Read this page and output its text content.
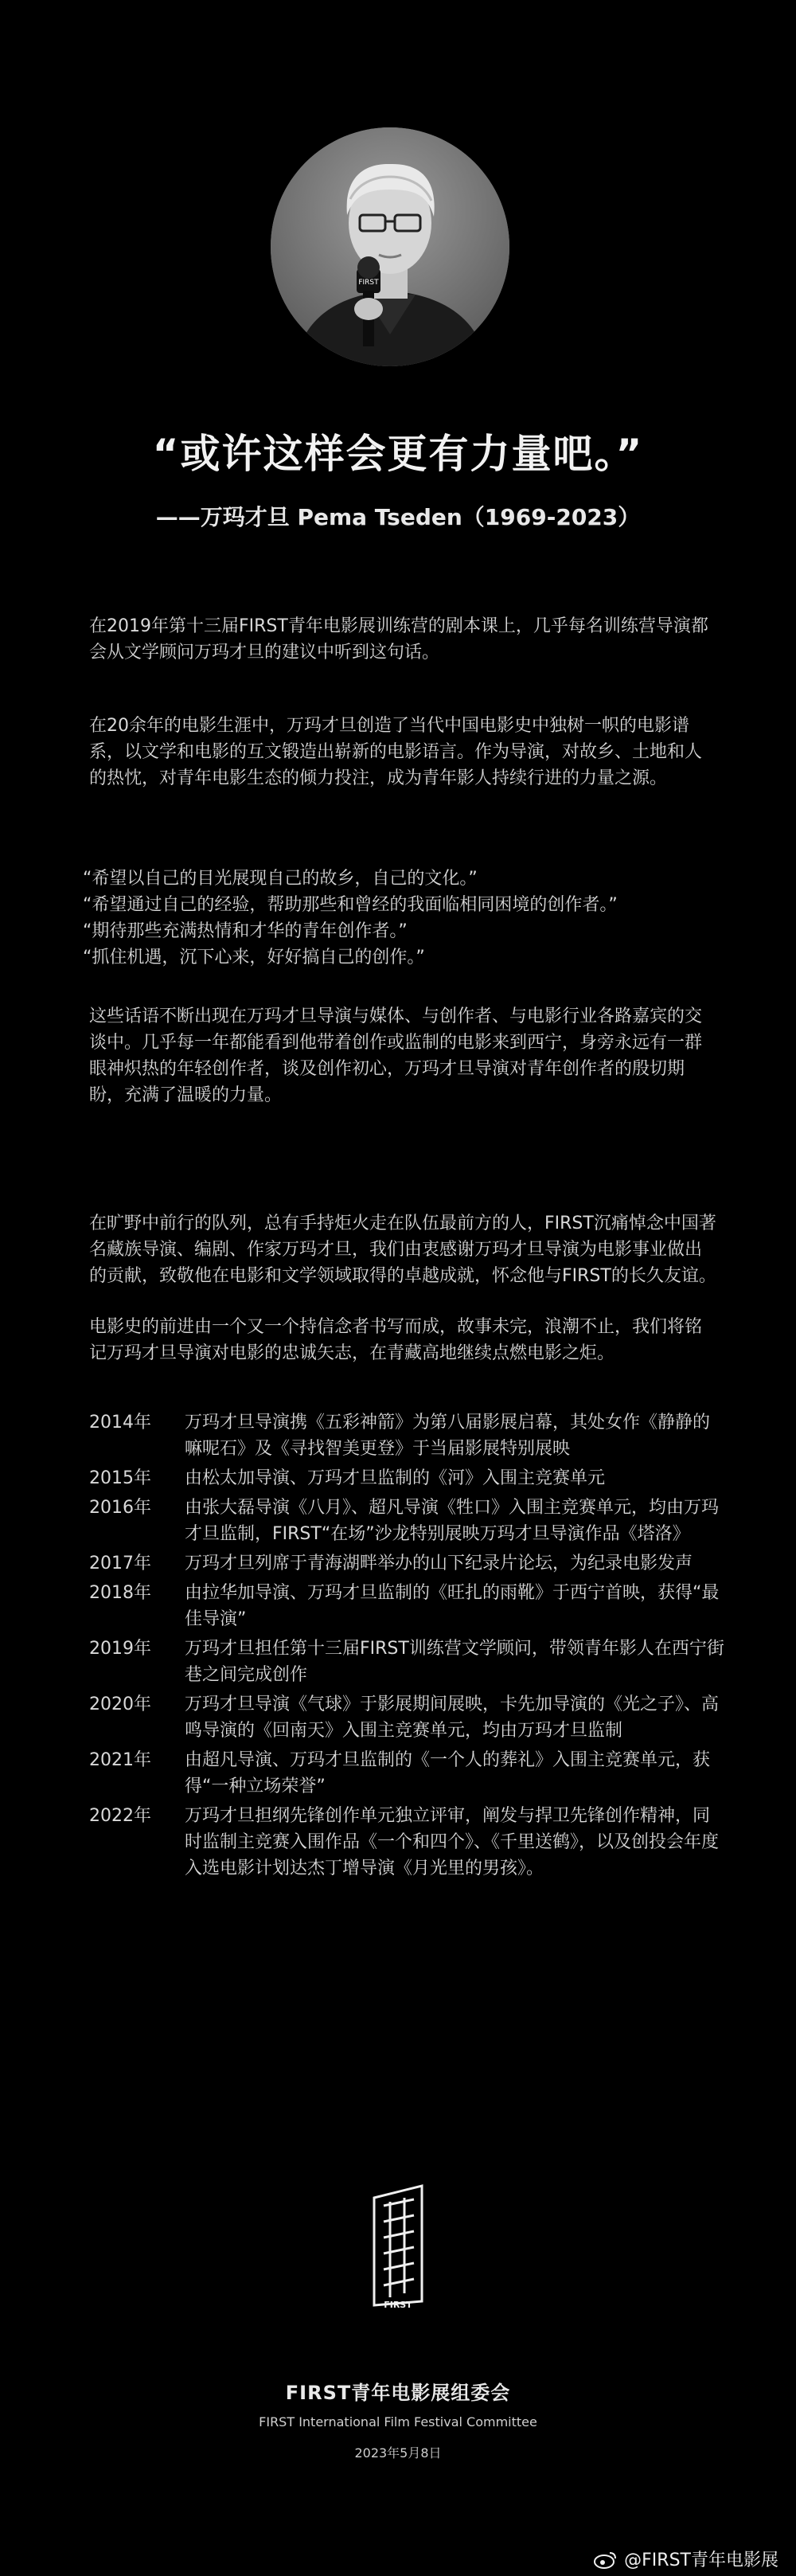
FIRST
“或许这样会更有力量吧。”
——万玛才旦 Pema Tseden（1969-2023）

在2019年第十三届FIRST青年电影展训练营的剧本课上，几乎每名训练营导演都会从文学顾问万玛才旦的建议中听到这句话。

在20余年的电影生涯中，万玛才旦创造了当代中国电影史中独树一帜的电影谱系，以文学和电影的互文锻造出崭新的电影语言。作为导演，对故乡、土地和人的热忱，对青年电影生态的倾力投注，成为青年影人持续行进的力量之源。

“希望以自己的目光展现自己的故乡，自己的文化。”
“希望通过自己的经验，帮助那些和曾经的我面临相同困境的创作者。”
“期待那些充满热情和才华的青年创作者。”
“抓住机遇，沉下心来，好好搞自己的创作。”

这些话语不断出现在万玛才旦导演与媒体、与创作者、与电影行业各路嘉宾的交谈中。几乎每一年都能看到他带着创作或监制的电影来到西宁，身旁永远有一群眼神炽热的年轻创作者，谈及创作初心，万玛才旦导演对青年创作者的殷切期盼，充满了温暖的力量。

在旷野中前行的队列，总有手持炬火走在队伍最前方的人，FIRST沉痛悼念中国著名藏族导演、编剧、作家万玛才旦，我们由衷感谢万玛才旦导演为电影事业做出的贡献，致敬他在电影和文学领域取得的卓越成就，怀念他与FIRST的长久友谊。

电影史的前进由一个又一个持信念者书写而成，故事未完，浪潮不止，我们将铭记万玛才旦导演对电影的忠诚矢志，在青藏高地继续点燃电影之炬。

2014年	万玛才旦导演携《五彩神箭》为第八届影展启幕，其处女作《静静的嘛呢石》及《寻找智美更登》于当届影展特别展映
2015年	由松太加导演、万玛才旦监制的《河》入围主竞赛单元
2016年	由张大磊导演《八月》、超凡导演《牲口》入围主竞赛单元，均由万玛才旦监制，FIRST“在场”沙龙特别展映万玛才旦导演作品《塔洛》
2017年	万玛才旦列席于青海湖畔举办的山下纪录片论坛，为纪录电影发声
2018年	由拉华加导演、万玛才旦监制的《旺扎的雨靴》于西宁首映，获得“最佳导演”
2019年	万玛才旦担任第十三届FIRST训练营文学顾问，带领青年影人在西宁街巷之间完成创作
2020年	万玛才旦导演《气球》于影展期间展映，卡先加导演的《光之子》、高鸣导演的《回南天》入围主竞赛单元，均由万玛才旦监制
2021年	由超凡导演、万玛才旦监制的《一个人的葬礼》入围主竞赛单元，获得“一种立场荣誉”
2022年	万玛才旦担纲先锋创作单元独立评审，阐发与捍卫先锋创作精神，同时监制主竞赛入围作品《一个和四个》、《千里送鹤》，以及创投会年度入选电影计划达杰丁增导演《月光里的男孩》。
FIRST
FIRST青年电影展组委会
FIRST International Film Festival Committee
2023年5月8日
@FIRST青年电影展
